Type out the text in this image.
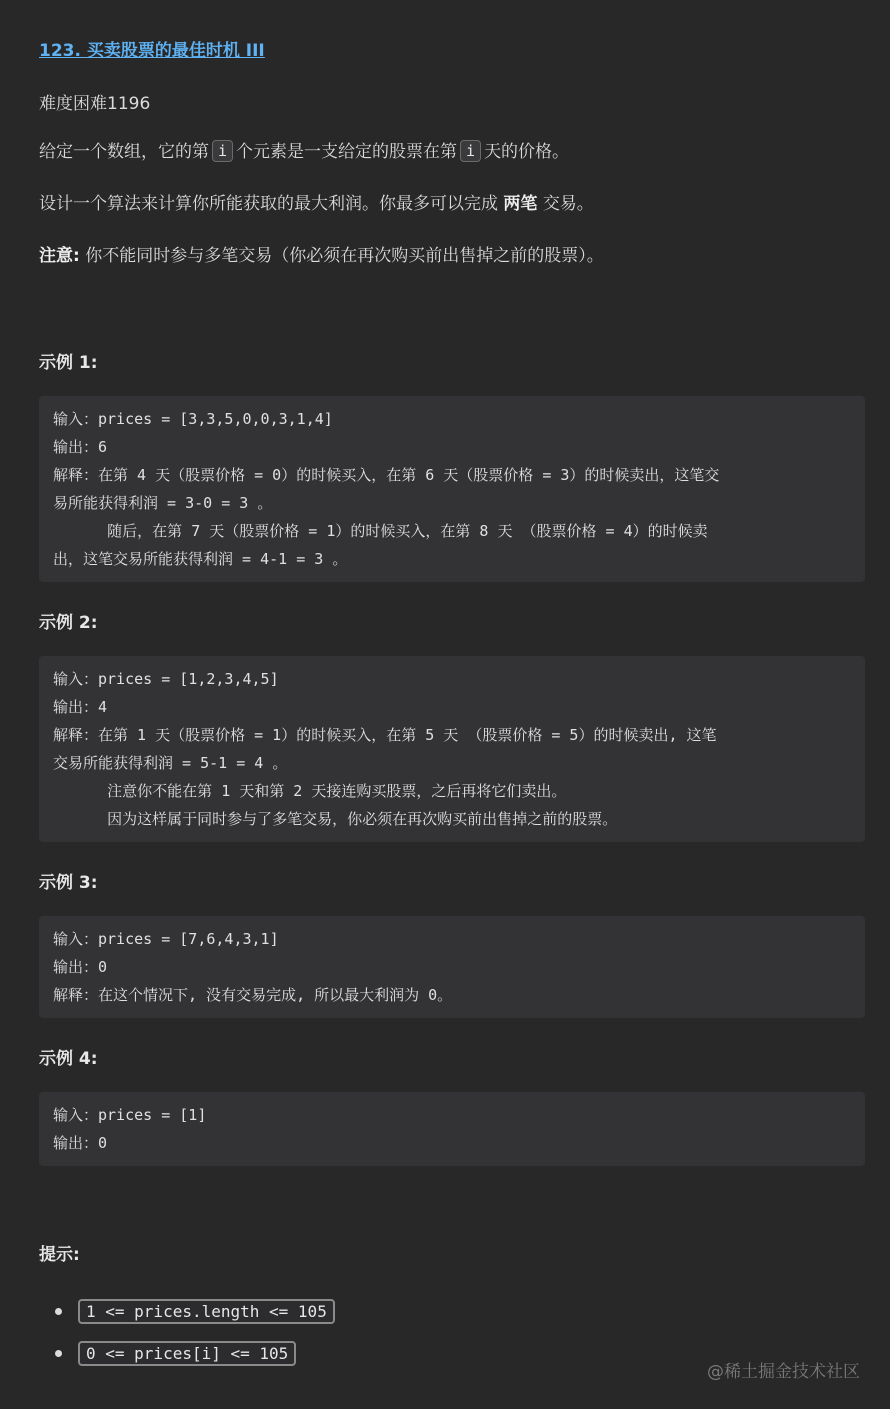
123. 买卖股票的最佳时机 III
难度困难1196
给定一个数组，它的第 i 个元素是一支给定的股票在第 i 天的价格。
设计一个算法来计算你所能获取的最大利润。你最多可以完成 两笔 交易。
注意: 你不能同时参与多笔交易（你必须在再次购买前出售掉之前的股票）。
示例 1:
输入：prices = [3,3,5,0,0,3,1,4]
输出：6
解释：在第 4 天（股票价格 = 0）的时候买入，在第 6 天（股票价格 = 3）的时候卖出，这笔交
易所能获得利润 = 3-0 = 3 。
随后，在第 7 天（股票价格 = 1）的时候买入，在第 8 天 （股票价格 = 4）的时候卖
出，这笔交易所能获得利润 = 4-1 = 3 。
示例 2:
输入：prices = [1,2,3,4,5]
输出：4
解释：在第 1 天（股票价格 = 1）的时候买入，在第 5 天 （股票价格 = 5）的时候卖出, 这笔
交易所能获得利润 = 5-1 = 4 。
注意你不能在第 1 天和第 2 天接连购买股票，之后再将它们卖出。
因为这样属于同时参与了多笔交易，你必须在再次购买前出售掉之前的股票。
示例 3:
输入：prices = [7,6,4,3,1]
输出：0
解释：在这个情况下, 没有交易完成, 所以最大利润为 0。
示例 4:
输入：prices = [1]
输出：0
提示:
1 <= prices.length <= 105
0 <= prices[i] <= 105
@稀土掘金技术社区
